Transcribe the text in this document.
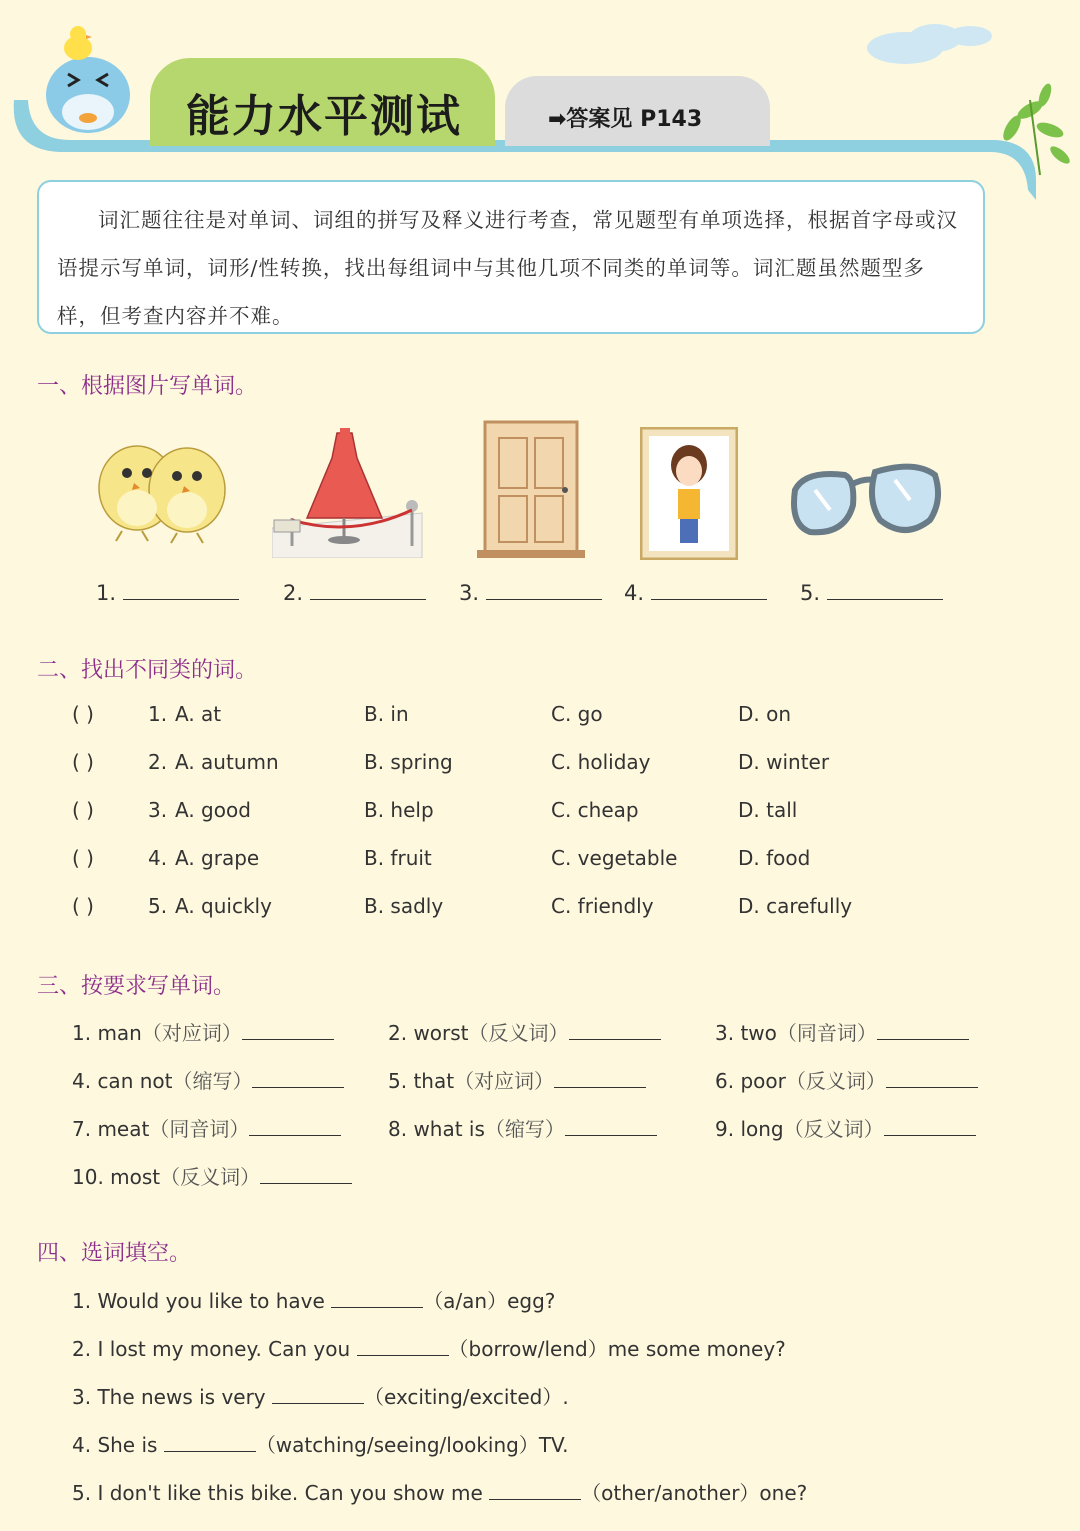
能力水平测试	➡答案见 P143

词汇题往往是对单词、词组的拼写及释义进行考查，常见题型有单项选择，根据首字母或汉语提示写单词，词形/性转换，找出每组词中与其他几项不同类的单词等。词汇题虽然题型多样，但考查内容并不难。

一、根据图片写单词。
1.	2.	3.	4.	5.
二、找出不同类的词。
( )	1. A. at	B. in	C. go	D. on
( )	2. A. autumn	B. spring	C. holiday	D. winter
( )	3. A. good	B. help	C. cheap	D. tall
( )	4. A. grape	B. fruit	C. vegetable	D. food
( )	5. A. quickly	B. sadly	C. friendly	D. carefully
三、按要求写单词。
1. man（对应词）	2. worst（反义词）	3. two（同音词）
4. can not（缩写）	5. that（对应词）	6. poor（反义词）
7. meat（同音词）	8. what is（缩写）	9. long（反义词）
10. most（反义词）
四、选词填空。
1. Would you like to have	（a/an）egg?
2. I lost my money. Can you	（borrow/lend）me some money?
3. The news is very	（exciting/excited）.
4. She is	（watching/seeing/looking）TV.
5. I don't like this bike. Can you show me	（other/another）one?
